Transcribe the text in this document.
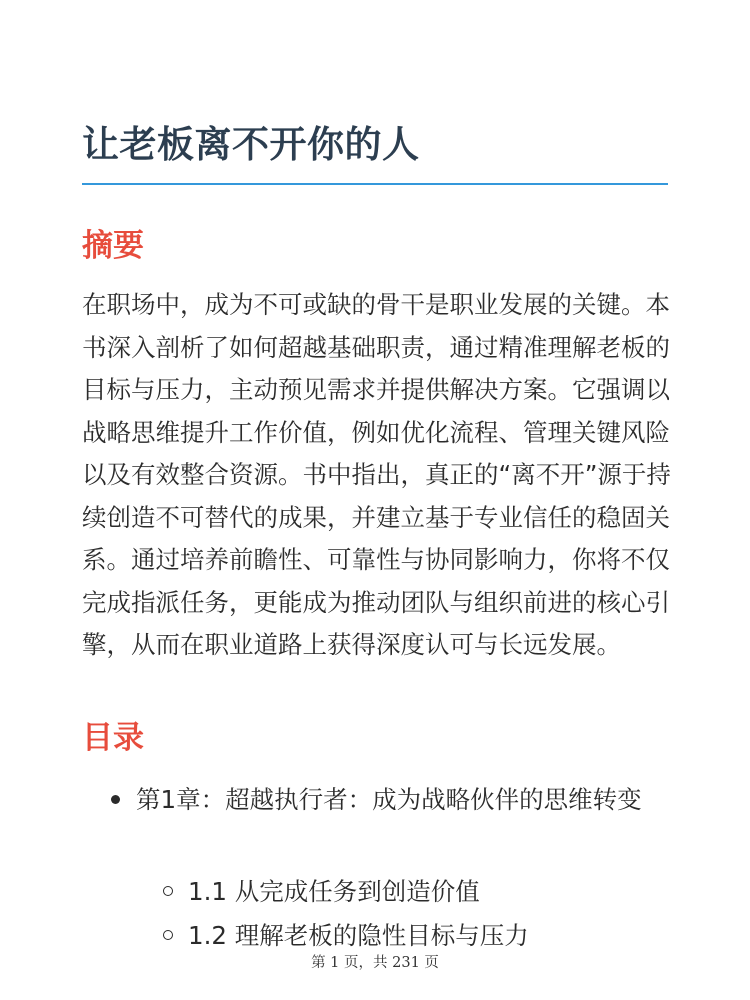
让老板离不开你的人
摘要

在职场中，成为不可或缺的骨干是职业发展的关键。本书深入剖析了如何超越基础职责，通过精准理解老板的目标与压力，主动预见需求并提供解决方案。它强调以战略思维提升工作价值，例如优化流程、管理关键风险以及有效整合资源。书中指出，真正的“离不开”源于持续创造不可替代的成果，并建立基于专业信任的稳固关系。通过培养前瞻性、可靠性与协同影响力，你将不仅完成指派任务，更能成为推动团队与组织前进的核心引擎，从而在职业道路上获得深度认可与长远发展。

目录
第1章：超越执行者：成为战略伙伴的思维转变
1.1 从完成任务到创造价值
1.2 理解老板的隐性目标与压力
第 1 页，共 231 页
